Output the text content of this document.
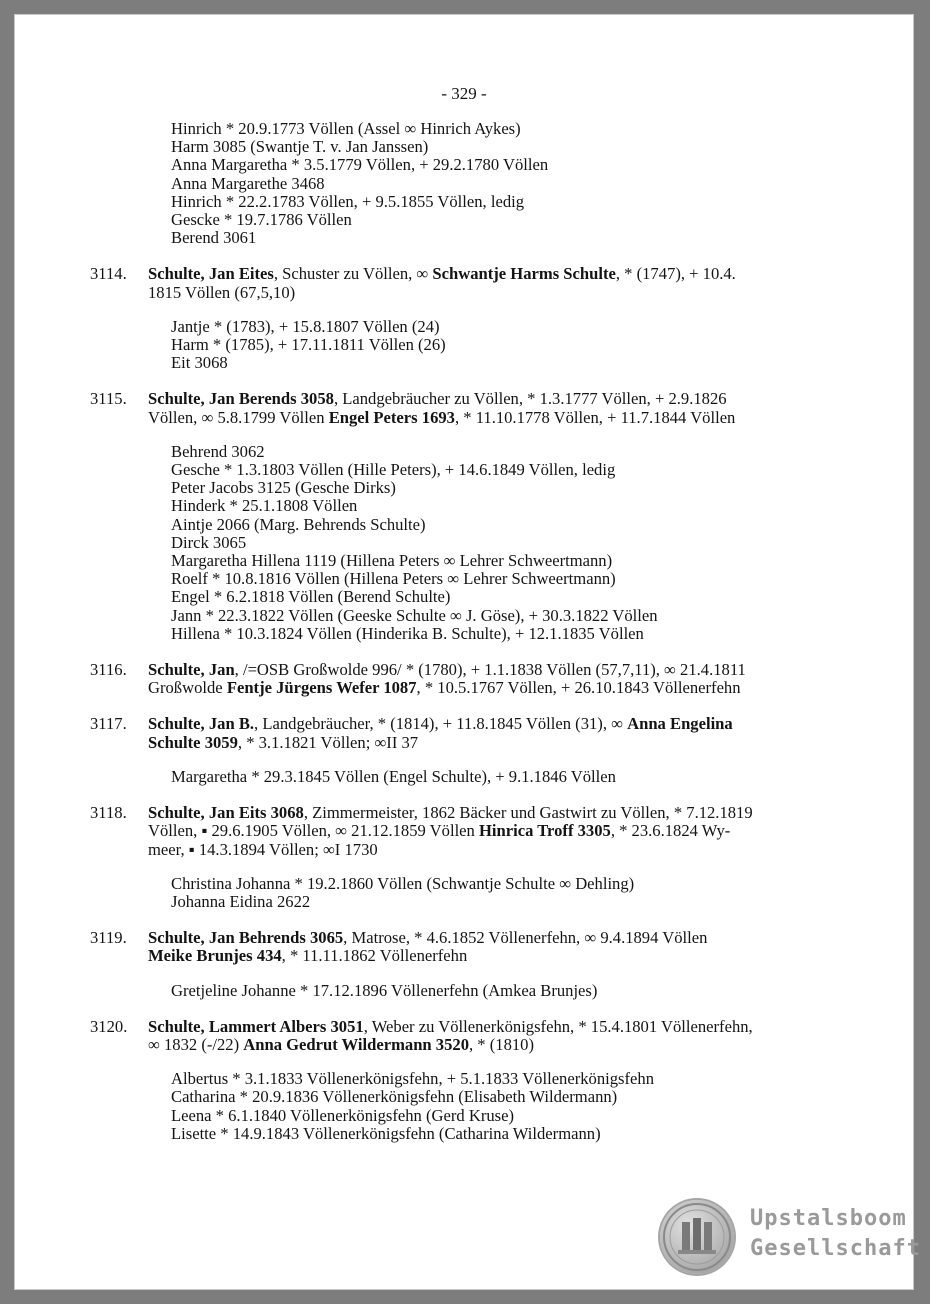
- 329 -
Hinrich * 20.9.1773 Völlen (Assel ∞ Hinrich Aykes)
Harm 3085 (Swantje T. v. Jan Janssen)
Anna Margaretha * 3.5.1779 Völlen, + 29.2.1780 Völlen
Anna Margarethe 3468
Hinrich * 22.2.1783 Völlen, + 9.5.1855 Völlen, ledig
Gescke * 19.7.1786 Völlen
Berend 3061
3114. Schulte, Jan Eites, Schuster zu Völlen, ∞ Schwantje Harms Schulte, * (1747), + 10.4.
1815 Völlen (67,5,10)
Jantje * (1783), + 15.8.1807 Völlen (24)
Harm * (1785), + 17.11.1811 Völlen (26)
Eit 3068
3115. Schulte, Jan Berends 3058, Landgebräucher zu Völlen, * 1.3.1777 Völlen, + 2.9.1826
Völlen, ∞ 5.8.1799 Völlen Engel Peters 1693, * 11.10.1778 Völlen, + 11.7.1844 Völlen
Behrend 3062
Gesche * 1.3.1803 Völlen (Hille Peters), + 14.6.1849 Völlen, ledig
Peter Jacobs 3125 (Gesche Dirks)
Hinderk * 25.1.1808 Völlen
Aintje 2066 (Marg. Behrends Schulte)
Dirck 3065
Margaretha Hillena 1119 (Hillena Peters ∞ Lehrer Schweertmann)
Roelf * 10.8.1816 Völlen (Hillena Peters ∞ Lehrer Schweertmann)
Engel * 6.2.1818 Völlen (Berend Schulte)
Jann * 22.3.1822 Völlen (Geeske Schulte ∞ J. Göse), + 30.3.1822 Völlen
Hillena * 10.3.1824 Völlen (Hinderika B. Schulte), + 12.1.1835 Völlen
3116. Schulte, Jan, /=OSB Großwolde 996/ * (1780), + 1.1.1838 Völlen (57,7,11), ∞ 21.4.1811
Großwolde Fentje Jürgens Wefer 1087, * 10.5.1767 Völlen, + 26.10.1843 Völlenerfehn
3117. Schulte, Jan B., Landgebräucher, * (1814), + 11.8.1845 Völlen (31), ∞ Anna Engelina
Schulte 3059, * 3.1.1821 Völlen; ∞II 37
Margaretha * 29.3.1845 Völlen (Engel Schulte), + 9.1.1846 Völlen
3118. Schulte, Jan Eits 3068, Zimmermeister, 1862 Bäcker und Gastwirt zu Völlen, * 7.12.1819
Völlen, ▪ 29.6.1905 Völlen, ∞ 21.12.1859 Völlen Hinrica Troff 3305, * 23.6.1824 Wy-
meer, ▪ 14.3.1894 Völlen; ∞I 1730
Christina Johanna * 19.2.1860 Völlen (Schwantje Schulte ∞ Dehling)
Johanna Eidina 2622
3119. Schulte, Jan Behrends 3065, Matrose, * 4.6.1852 Völlenerfehn, ∞ 9.4.1894 Völlen
Meike Brunjes 434, * 11.11.1862 Völlenerfehn
Gretjeline Johanne * 17.12.1896 Völlenerfehn (Amkea Brunjes)
3120. Schulte, Lammert Albers 3051, Weber zu Völlenerkönigsfehn, * 15.4.1801 Völlenerfehn,
∞ 1832 (-/22) Anna Gedrut Wildermann 3520, * (1810)
Albertus * 3.1.1833 Völlenerkönigsfehn, + 5.1.1833 Völlenerkönigsfehn
Catharina * 20.9.1836 Völlenerkönigsfehn (Elisabeth Wildermann)
Leena * 6.1.1840 Völlenerkönigsfehn (Gerd Kruse)
Lisette * 14.9.1843 Völlenerkönigsfehn (Catharina Wildermann)
Upstalsboom
Gesellschaft
